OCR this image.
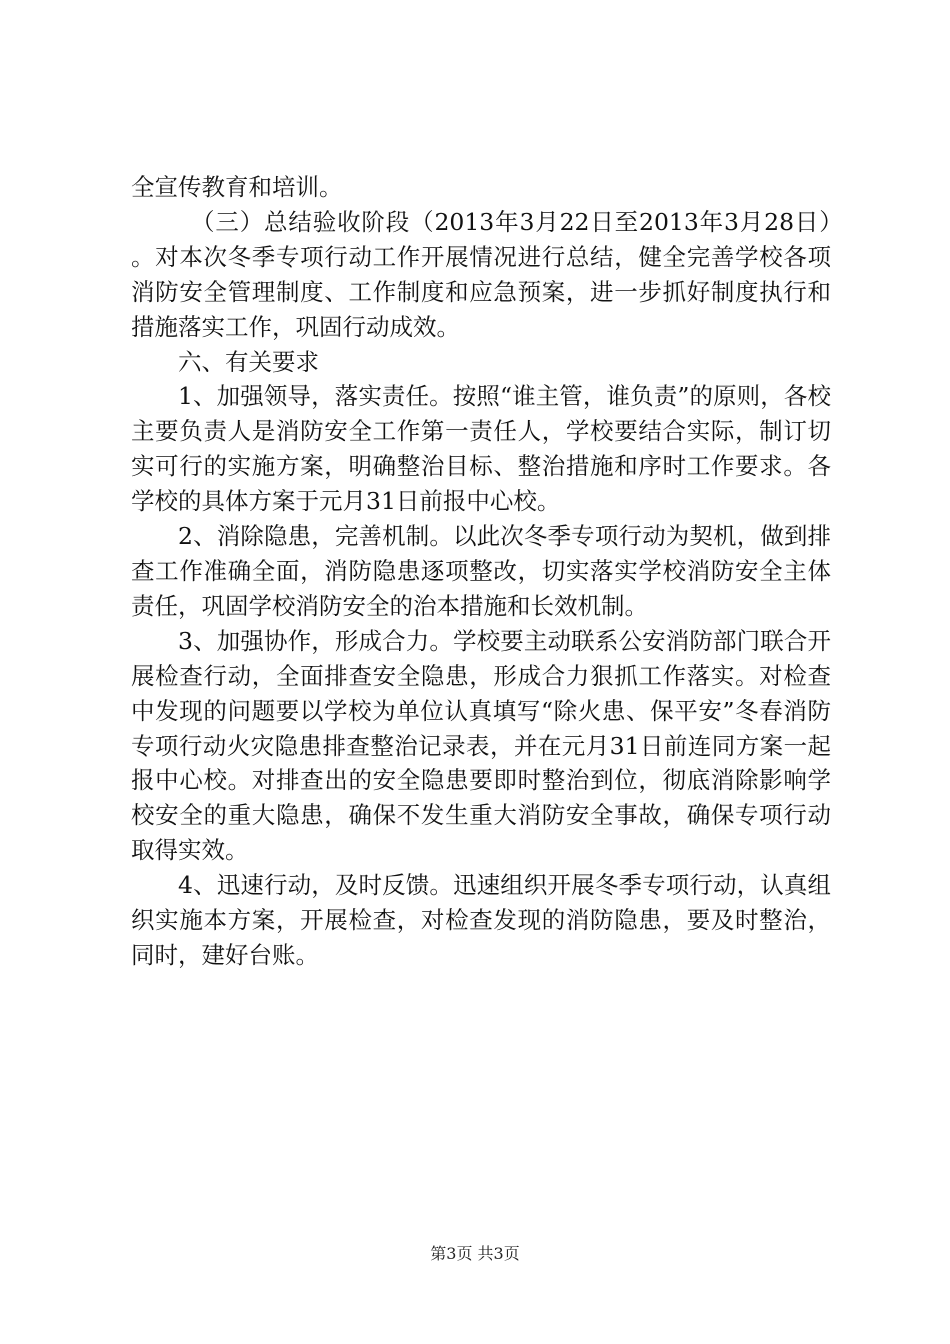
全宣传教育和培训。

（三）总结验收阶段（2013年3月22日至2013年3月28日）。对本次冬季专项行动工作开展情况进行总结，健全完善学校各项消防安全管理制度、工作制度和应急预案，进一步抓好制度执行和措施落实工作，巩固行动成效。

六、有关要求

1、加强领导，落实责任。按照“谁主管，谁负责”的原则，各校主要负责人是消防安全工作第一责任人，学校要结合实际，制订切实可行的实施方案，明确整治目标、整治措施和序时工作要求。各学校的具体方案于元月31日前报中心校。

2、消除隐患，完善机制。以此次冬季专项行动为契机，做到排查工作准确全面，消防隐患逐项整改，切实落实学校消防安全主体责任，巩固学校消防安全的治本措施和长效机制。

3、加强协作，形成合力。学校要主动联系公安消防部门联合开展检查行动，全面排查安全隐患，形成合力狠抓工作落实。对检查中发现的问题要以学校为单位认真填写“除火患、保平安”冬春消防专项行动火灾隐患排查整治记录表，并在元月31日前连同方案一起报中心校。对排查出的安全隐患要即时整治到位，彻底消除影响学校安全的重大隐患，确保不发生重大消防安全事故，确保专项行动取得实效。

4、迅速行动，及时反馈。迅速组织开展冬季专项行动，认真组织实施本方案，开展检查，对检查发现的消防隐患，要及时整治，同时，建好台账。

第3页 共3页
